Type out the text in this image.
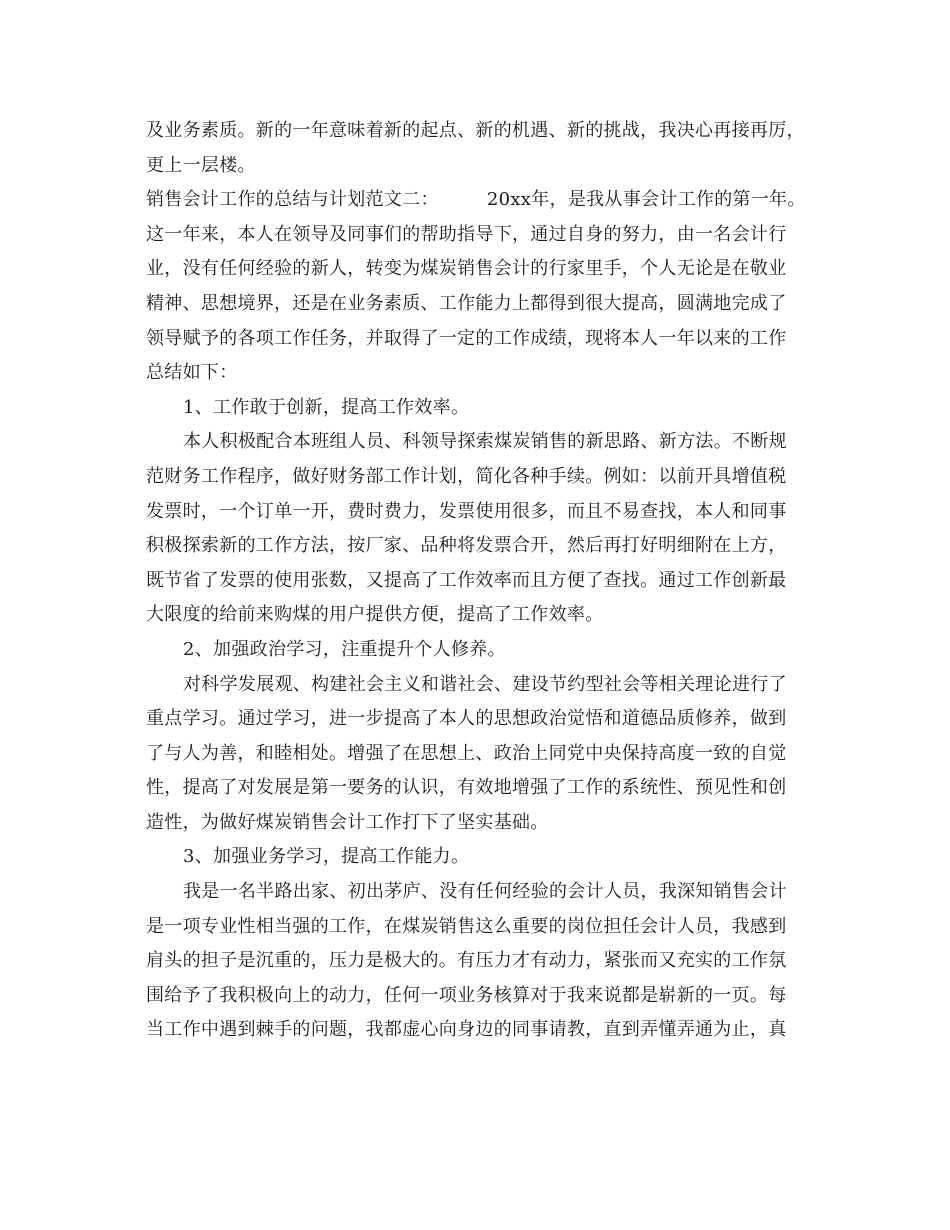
及业务素质。新的一年意味着新的起点、新的机遇、新的挑战，我决心再接再厉，
更上一层楼。
销售会计工作的总结与计划范文二：	20xx年，是我从事会计工作的第一年。
这一年来，本人在领导及同事们的帮助指导下，通过自身的努力，由一名会计行
业，没有任何经验的新人，转变为煤炭销售会计的行家里手，个人无论是在敬业
精神、思想境界，还是在业务素质、工作能力上都得到很大提高，圆满地完成了
领导赋予的各项工作任务，并取得了一定的工作成绩，现将本人一年以来的工作
总结如下：
1、工作敢于创新，提高工作效率。
本人积极配合本班组人员、科领导探索煤炭销售的新思路、新方法。不断规
范财务工作程序，做好财务部工作计划，简化各种手续。例如：以前开具增值税
发票时，一个订单一开，费时费力，发票使用很多，而且不易查找，本人和同事
积极探索新的工作方法，按厂家、品种将发票合开，然后再打好明细附在上方，
既节省了发票的使用张数，又提高了工作效率而且方便了查找。通过工作创新最
大限度的给前来购煤的用户提供方便，提高了工作效率。
2、加强政治学习，注重提升个人修养。
对科学发展观、构建社会主义和谐社会、建设节约型社会等相关理论进行了
重点学习。通过学习，进一步提高了本人的思想政治觉悟和道德品质修养，做到
了与人为善，和睦相处。增强了在思想上、政治上同党中央保持高度一致的自觉
性，提高了对发展是第一要务的认识，有效地增强了工作的系统性、预见性和创
造性，为做好煤炭销售会计工作打下了坚实基础。
3、加强业务学习，提高工作能力。
我是一名半路出家、初出茅庐、没有任何经验的会计人员，我深知销售会计
是一项专业性相当强的工作，在煤炭销售这么重要的岗位担任会计人员，我感到
肩头的担子是沉重的，压力是极大的。有压力才有动力，紧张而又充实的工作氛
围给予了我积极向上的动力，任何一项业务核算对于我来说都是崭新的一页。每
当工作中遇到棘手的问题，我都虚心向身边的同事请教，直到弄懂弄通为止，真
